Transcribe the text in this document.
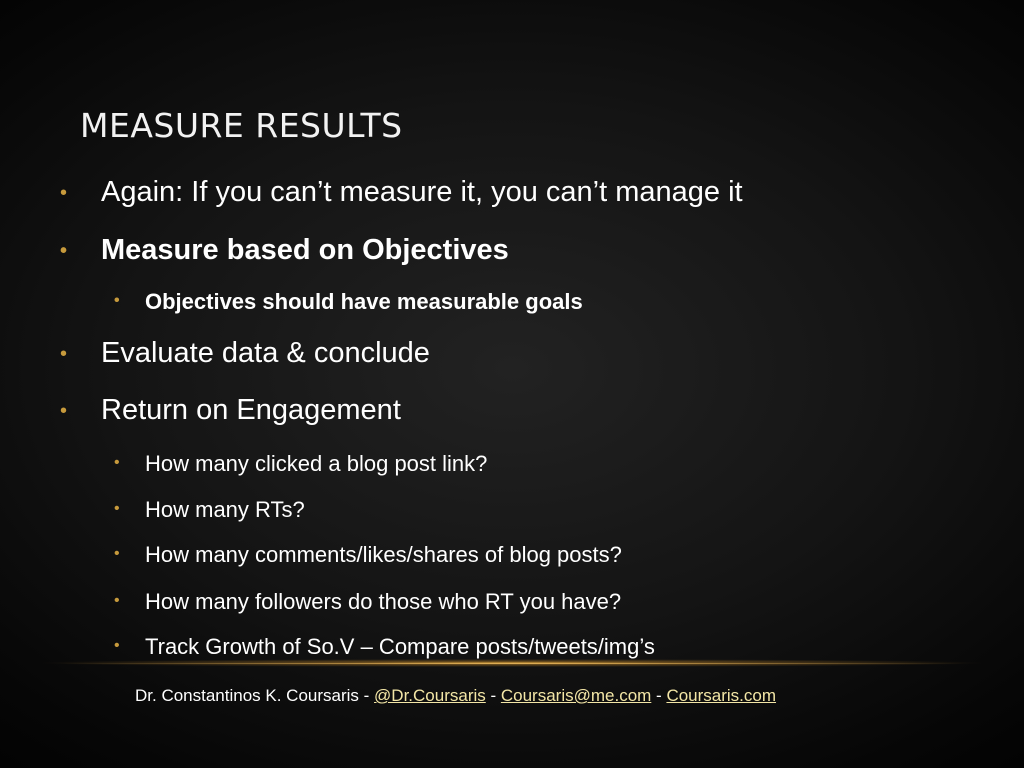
MEASURE RESULTS
• Again: If you can’t measure it, you can’t manage it
• Measure based on Objectives
• Objectives should have measurable goals
• Evaluate data & conclude
• Return on Engagement
• How many clicked a blog post link?
• How many RTs?
• How many comments/likes/shares of blog posts?
• How many followers do those who RT you have?
• Track Growth of So.V – Compare posts/tweets/img’s
Dr. Constantinos K. Coursaris - @Dr.Coursaris - Coursaris@me.com - Coursaris.com
